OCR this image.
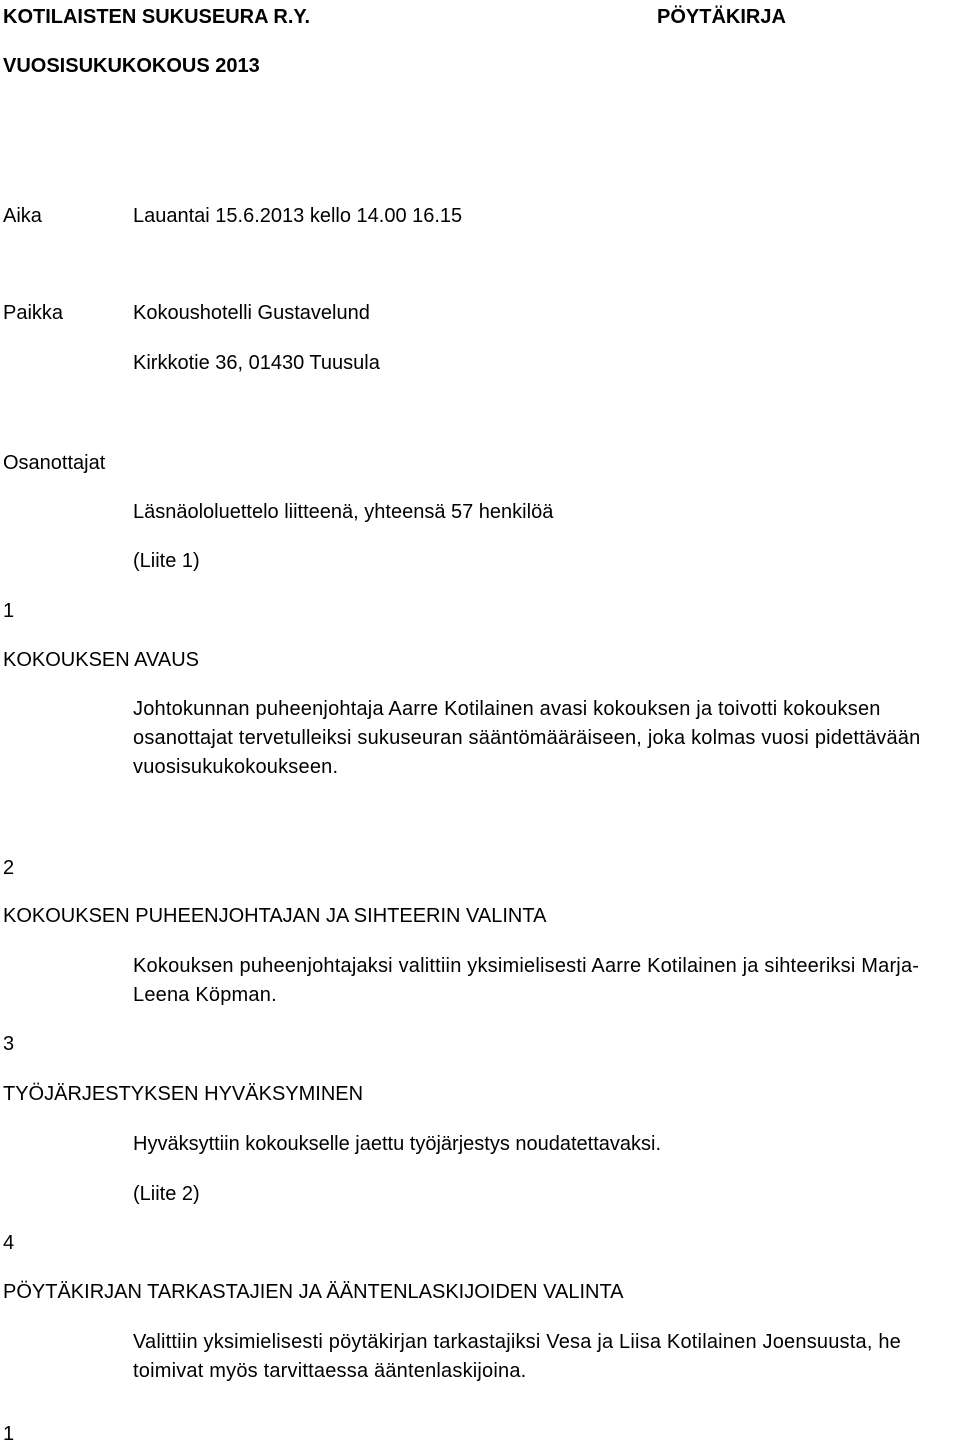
KOTILAISTEN SUKUSEURA R.Y.	PÖYTÄKIRJA
VUOSISUKUKOKOUS 2013
Aika	Lauantai 15.6.2013 kello 14.00 16.15
Paikka	Kokoushotelli Gustavelund
Kirkkotie 36, 01430 Tuusula
Osanottajat
Läsnäololuettelo liitteenä, yhteensä 57 henkilöä
(Liite 1)
1
KOKOUKSEN AVAUS
Johtokunnan puheenjohtaja Aarre Kotilainen avasi kokouksen ja toivotti kokouksen osanottajat tervetulleiksi sukuseuran sääntömääräiseen, joka kolmas vuosi pidettävään vuosisukukokoukseen.
2
KOKOUKSEN PUHEENJOHTAJAN JA SIHTEERIN VALINTA
Kokouksen puheenjohtajaksi valittiin yksimielisesti Aarre Kotilainen ja sihteeriksi Marja-Leena Köpman.
3
TYÖJÄRJESTYKSEN HYVÄKSYMINEN
Hyväksyttiin kokoukselle jaettu työjärjestys noudatettavaksi.
(Liite 2)
4
PÖYTÄKIRJAN TARKASTAJIEN JA ÄÄNTENLASKIJOIDEN VALINTA
Valittiin yksimielisesti pöytäkirjan tarkastajiksi Vesa ja Liisa Kotilainen Joensuusta, he toimivat myös tarvittaessa ääntenlaskijoina.
1
